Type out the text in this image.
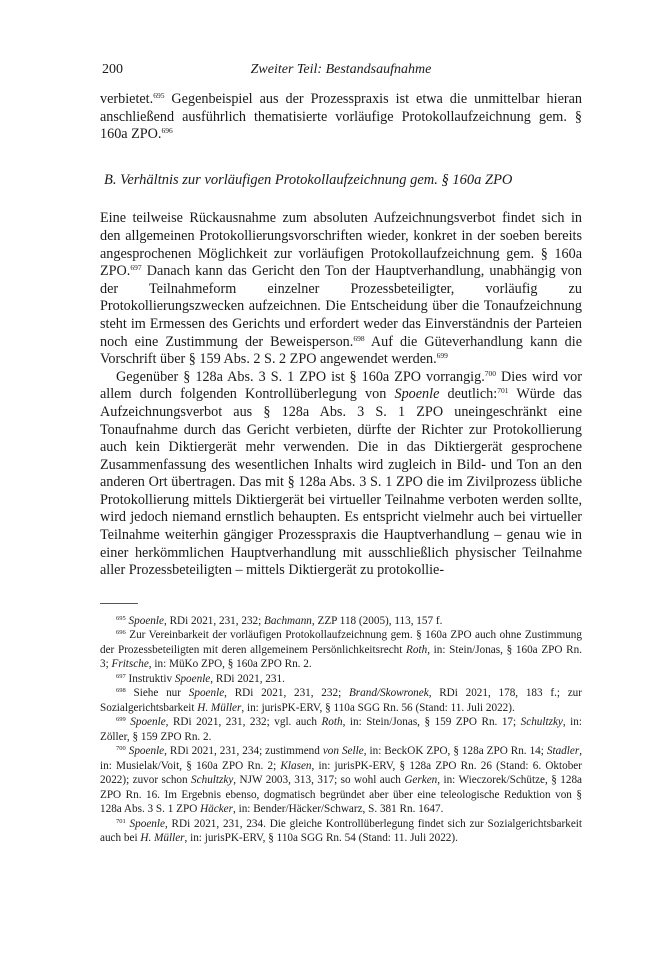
200	Zweiter Teil: Bestandsaufnahme

verbietet.$^{695}$ Gegenbeispiel aus der Prozesspraxis ist etwa die unmittelbar hieran anschließend ausführlich thematisierte vorläufige Protokollaufzeichnung gem. § 160a ZPO.$^{696}$

B. Verhältnis zur vorläufigen Protokollaufzeichnung gem. § 160a ZPO

Eine teilweise Rückausnahme zum absoluten Aufzeichnungsverbot findet sich in den allgemeinen Protokollierungsvorschriften wieder, konkret in der soeben bereits angesprochenen Möglichkeit zur vorläufigen Protokollaufzeichnung gem. § 160a ZPO.$^{697}$ Danach kann das Gericht den Ton der Hauptverhandlung, unabhängig von der Teilnahmeform einzelner Prozessbeteiligter, vorläufig zu Protokollierungszwecken aufzeichnen. Die Entscheidung über die Tonaufzeichnung steht im Ermessen des Gerichts und erfordert weder das Einverständnis der Parteien noch eine Zustimmung der Beweisperson.$^{698}$ Auf die Güteverhandlung kann die Vorschrift über § 159 Abs. 2 S. 2 ZPO angewendet werden.$^{699}$

Gegenüber § 128a Abs. 3 S. 1 ZPO ist § 160a ZPO vorrangig.$^{700}$ Dies wird vor allem durch folgenden Kontrollüberlegung von Spoenle deutlich:$^{701}$ Würde das Aufzeichnungsverbot aus § 128a Abs. 3 S. 1 ZPO uneingeschränkt eine Tonaufnahme durch das Gericht verbieten, dürfte der Richter zur Protokollierung auch kein Diktiergerät mehr verwenden. Die in das Diktiergerät gesprochene Zusammenfassung des wesentlichen Inhalts wird zugleich in Bild- und Ton an den anderen Ort übertragen. Das mit § 128a Abs. 3 S. 1 ZPO die im Zivilprozess übliche Protokollierung mittels Diktiergerät bei virtueller Teilnahme verboten werden sollte, wird jedoch niemand ernstlich behaupten. Es entspricht vielmehr auch bei virtueller Teilnahme weiterhin gängiger Prozesspraxis die Hauptverhandlung – genau wie in einer herkömmlichen Hauptverhandlung mit ausschließlich physischer Teilnahme aller Prozessbeteiligten – mittels Diktiergerät zu protokollie-

$^{695}$ Spoenle, RDi 2021, 231, 232; Bachmann, ZZP 118 (2005), 113, 157 f.

$^{696}$ Zur Vereinbarkeit der vorläufigen Protokollaufzeichnung gem. § 160a ZPO auch ohne Zustimmung der Prozessbeteiligten mit deren allgemeinem Persönlichkeitsrecht Roth, in: Stein/Jonas, § 160a ZPO Rn. 3; Fritsche, in: MüKo ZPO, § 160a ZPO Rn. 2.

$^{697}$ Instruktiv Spoenle, RDi 2021, 231.

$^{698}$ Siehe nur Spoenle, RDi 2021, 231, 232; Brand/Skowronek, RDi 2021, 178, 183 f.; zur Sozialgerichtsbarkeit H. Müller, in: jurisPK-ERV, § 110a SGG Rn. 56 (Stand: 11. Juli 2022).

$^{699}$ Spoenle, RDi 2021, 231, 232; vgl. auch Roth, in: Stein/Jonas, § 159 ZPO Rn. 17; Schultzky, in: Zöller, § 159 ZPO Rn. 2.

$^{700}$ Spoenle, RDi 2021, 231, 234; zustimmend von Selle, in: BeckOK ZPO, § 128a ZPO Rn. 14; Stadler, in: Musielak/Voit, § 160a ZPO Rn. 2; Klasen, in: jurisPK-ERV, § 128a ZPO Rn. 26 (Stand: 6. Oktober 2022); zuvor schon Schultzky, NJW 2003, 313, 317; so wohl auch Gerken, in: Wieczorek/Schütze, § 128a ZPO Rn. 16. Im Ergebnis ebenso, dogmatisch begründet aber über eine teleologische Reduktion von § 128a Abs. 3 S. 1 ZPO Häcker, in: Bender/Häcker/Schwarz, S. 381 Rn. 1647.

$^{701}$ Spoenle, RDi 2021, 231, 234. Die gleiche Kontrollüberlegung findet sich zur Sozialgerichtsbarkeit auch bei H. Müller, in: jurisPK-ERV, § 110a SGG Rn. 54 (Stand: 11. Juli 2022).
